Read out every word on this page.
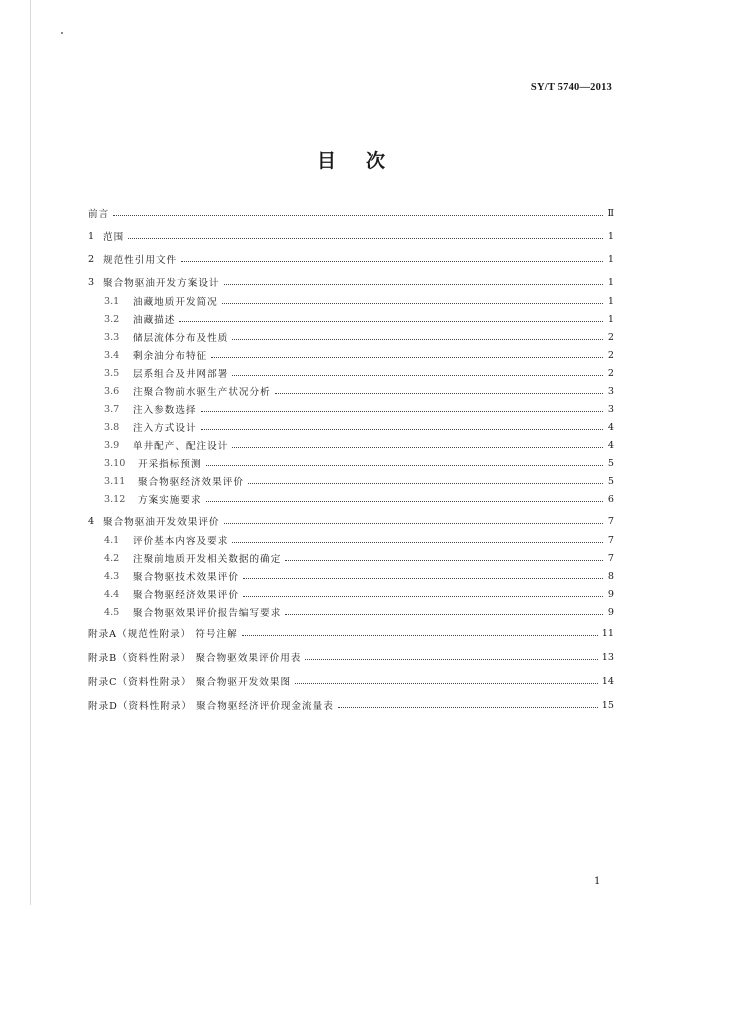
SY/T 5740—2013
目次
前言	Ⅱ
1 范围	1
2 规范性引用文件	1
3 聚合物驱油开发方案设计	1
3.1	油藏地质开发简况	1
3.2	油藏描述	1
3.3	储层流体分布及性质	2
3.4	剩余油分布特征	2
3.5	层系组合及井网部署	2
3.6	注聚合物前水驱生产状况分析	3
3.7	注入参数选择	3
3.8	注入方式设计	4
3.9	单井配产、配注设计	4
3.10	开采指标预测	5
3.11	聚合物驱经济效果评价	5
3.12	方案实施要求	6
4 聚合物驱油开发效果评价	7
4.1	评价基本内容及要求	7
4.2	注聚前地质开发相关数据的确定	7
4.3	聚合物驱技术效果评价	8
4.4	聚合物驱经济效果评价	9
4.5	聚合物驱效果评价报告编写要求	9
附录A（规范性附录） 符号注解	11
附录B（资料性附录） 聚合物驱效果评价用表	13
附录C（资料性附录） 聚合物驱开发效果图	14
附录D（资料性附录） 聚合物驱经济评价现金流量表	15
1
